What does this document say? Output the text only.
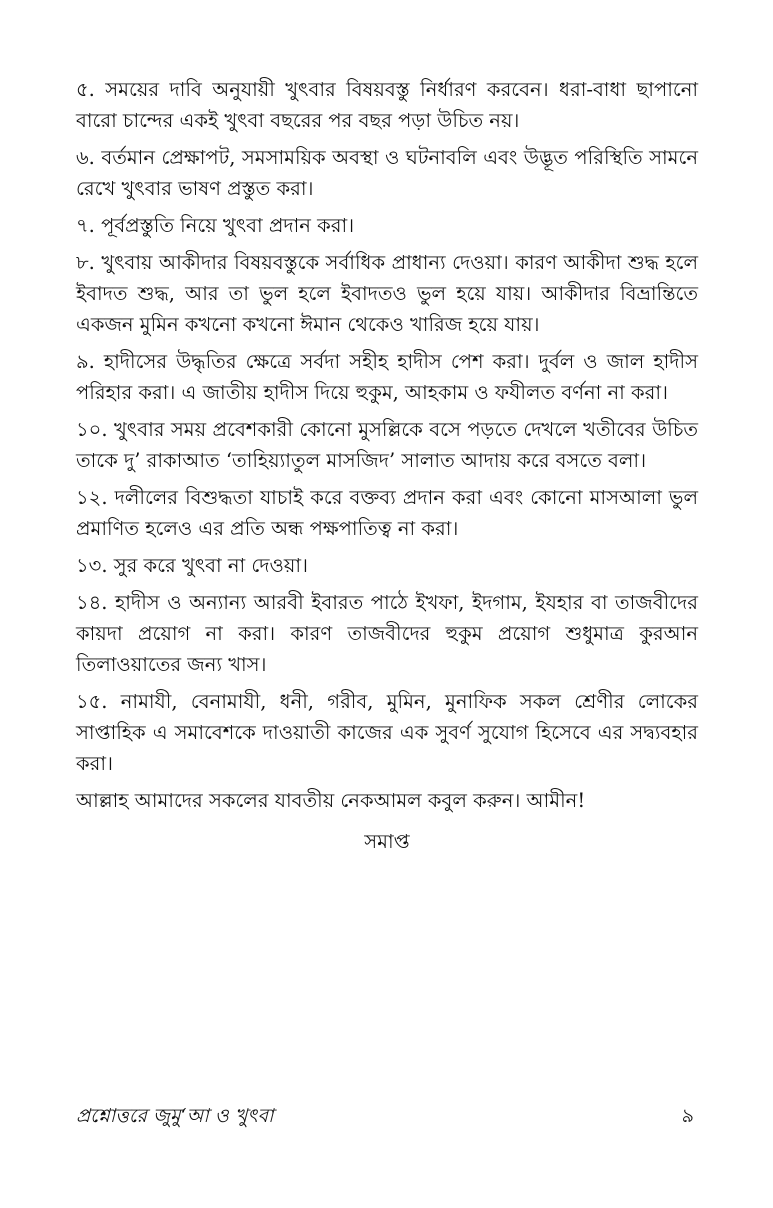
৫. সময়ের দাবি অনুযায়ী খুৎবার বিষয়বস্তু নির্ধারণ করবেন। ধরা-বাধা ছাপানো বারো চান্দের একই খুৎবা বছরের পর বছর পড়া উচিত নয়।

৬. বর্তমান প্রেক্ষাপট, সমসাময়িক অবস্থা ও ঘটনাবলি এবং উদ্ভূত পরিস্থিতি সামনে রেখে খুৎবার ভাষণ প্রস্তুত করা।

৭. পূর্বপ্রস্তুতি নিয়ে খুৎবা প্রদান করা।

৮. খুৎবায় আকীদার বিষয়বস্তুকে সর্বাধিক প্রাধান্য দেওয়া। কারণ আকীদা শুদ্ধ হলে ইবাদত শুদ্ধ, আর তা ভুল হলে ইবাদতও ভুল হয়ে যায়। আকীদার বিভ্রান্তিতে একজন মুমিন কখনো কখনো ঈমান থেকেও খারিজ হয়ে যায়।

৯. হাদীসের উদ্ধৃতির ক্ষেত্রে সর্বদা সহীহ হাদীস পেশ করা। দুর্বল ও জাল হাদীস পরিহার করা। এ জাতীয় হাদীস দিয়ে হুকুম, আহকাম ও ফযীলত বর্ণনা না করা।

১০. খুৎবার সময় প্রবেশকারী কোনো মুসল্লিকে বসে পড়তে দেখলে খতীবের উচিত তাকে দু’ রাকাআত ‘তাহিয়্যাতুল মাসজিদ’ সালাত আদায় করে বসতে বলা।

১২. দলীলের বিশুদ্ধতা যাচাই করে বক্তব্য প্রদান করা এবং কোনো মাসআলা ভুল প্রমাণিত হলেও এর প্রতি অন্ধ পক্ষপাতিত্ব না করা।

১৩. সুর করে খুৎবা না দেওয়া।

১৪. হাদীস ও অন্যান্য আরবী ইবারত পাঠে ইখফা, ইদগাম, ইযহার বা তাজবীদের কায়দা প্রয়োগ না করা। কারণ তাজবীদের হুকুম প্রয়োগ শুধুমাত্র কুরআন তিলাওয়াতের জন্য খাস।

১৫. নামাযী, বেনামাযী, ধনী, গরীব, মুমিন, মুনাফিক সকল শ্রেণীর লোকের সাপ্তাহিক এ সমাবেশকে দাওয়াতী কাজের এক সুবর্ণ সুযোগ হিসেবে এর সদ্ব্যবহার করা।

আল্লাহ আমাদের সকলের যাবতীয় নেকআমল কবুল করুন। আমীন!

সমাপ্ত

প্রশ্নোত্তরে জুমু‘আ ও খুৎবা	৯
